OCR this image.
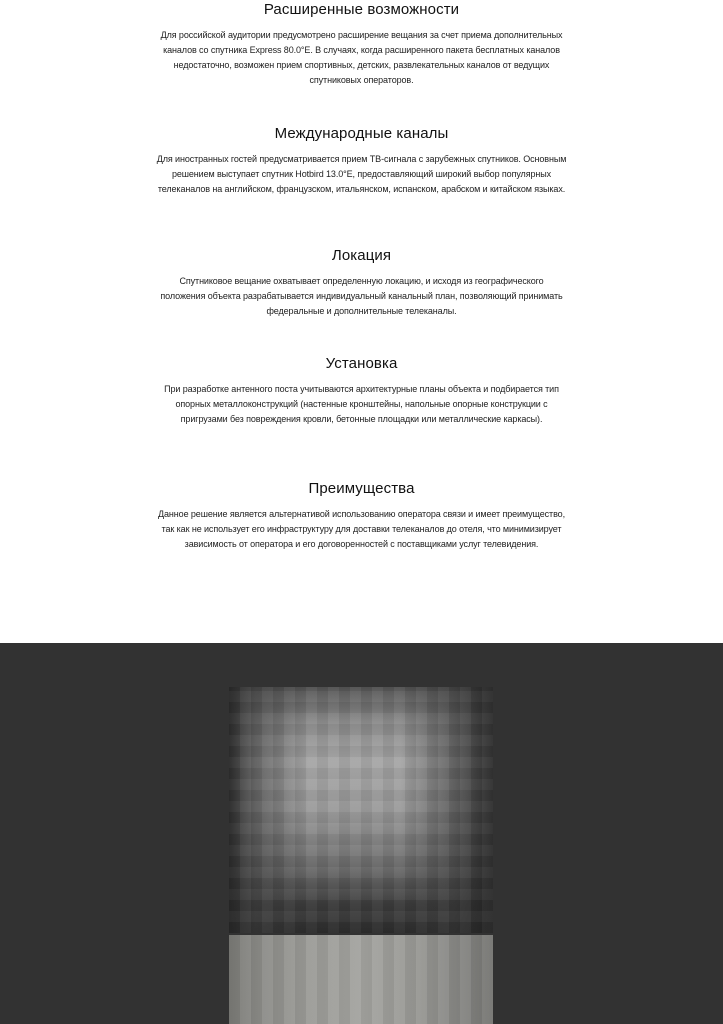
Расширенные возможности

Для российской аудитории предусмотрено расширение вещания за счет приема дополнительных каналов со спутника Express 80.0°E. В случаях, когда расширенного пакета бесплатных каналов недостаточно, возможен прием спортивных, детских, развлекательных каналов от ведущих спутниковых операторов.

Международные каналы

Для иностранных гостей предусматривается прием ТВ-сигнала с зарубежных спутников. Основным решением выступает спутник Hotbird 13.0°E, предоставляющий широкий выбор популярных телеканалов на английском, французском, итальянском, испанском, арабском и китайском языках.

Локация

Спутниковое вещание охватывает определенную локацию, и исходя из географического положения объекта разрабатывается индивидуальный канальный план, позволяющий принимать федеральные и дополнительные телеканалы.

Установка

При разработке антенного поста учитываются архитектурные планы объекта и подбирается тип опорных металлоконструкций (настенные кронштейны, напольные опорные конструкции с пригрузами без повреждения кровли, бетонные площадки или металлические каркасы).

Преимущества

Данное решение является альтернативой использованию оператора связи и имеет преимущество, так как не использует его инфраструктуру для доставки телеканалов до отеля, что минимизирует зависимость от оператора и его договоренностей с поставщиками услуг телевидения.
